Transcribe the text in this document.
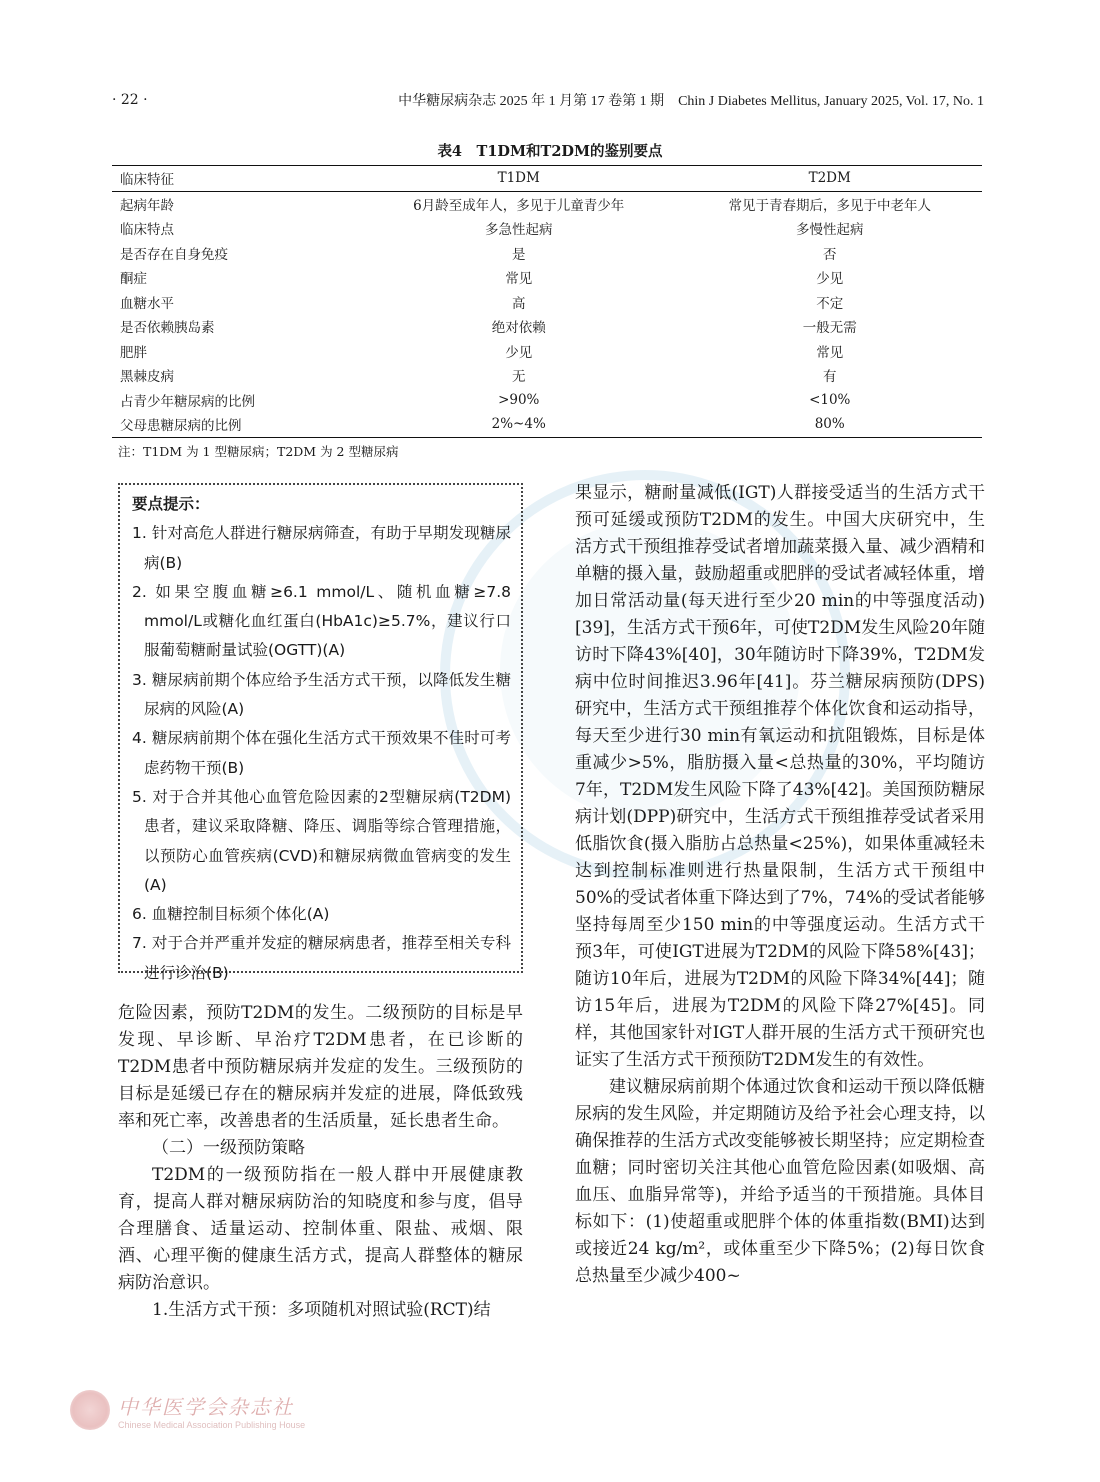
· 22 ·	中华糖尿病杂志 2025 年 1 月第 17 卷第 1 期　Chin J Diabetes Mellitus, January 2025, Vol. 17, No. 1
表4　T1DM和T2DM的鉴别要点
临床特征	T1DM	T2DM
起病年龄	6月龄至成年人，多见于儿童青少年	常见于青春期后，多见于中老年人
临床特点	多急性起病	多慢性起病
是否存在自身免疫	是	否
酮症	常见	少见
血糖水平	高	不定
是否依赖胰岛素	绝对依赖	一般无需
肥胖	少见	常见
黑棘皮病	无	有
占青少年糖尿病的比例	>90%	<10%
父母患糖尿病的比例	2%~4%	80%
注：T1DM 为 1 型糖尿病；T2DM 为 2 型糖尿病
要点提示：
1. 针对高危人群进行糖尿病筛查，有助于早期发现糖尿病(B)
2. 如果空腹血糖≥6.1 mmol/L、随机血糖≥7.8 mmol/L或糖化血红蛋白(HbA1c)≥5.7%，建议行口服葡萄糖耐量试验(OGTT)(A)
3. 糖尿病前期个体应给予生活方式干预，以降低发生糖尿病的风险(A)
4. 糖尿病前期个体在强化生活方式干预效果不佳时可考虑药物干预(B)
5. 对于合并其他心血管危险因素的2型糖尿病(T2DM)患者，建议采取降糖、降压、调脂等综合管理措施，以预防心血管疾病(CVD)和糖尿病微血管病变的发生(A)
6. 血糖控制目标须个体化(A)
7. 对于合并严重并发症的糖尿病患者，推荐至相关专科进行诊治(B)

危险因素，预防T2DM的发生。二级预防的目标是早发现、早诊断、早治疗T2DM患者，在已诊断的T2DM患者中预防糖尿病并发症的发生。三级预防的目标是延缓已存在的糖尿病并发症的进展，降低致残率和死亡率，改善患者的生活质量，延长患者生命。

（二）一级预防策略

T2DM的一级预防指在一般人群中开展健康教育，提高人群对糖尿病防治的知晓度和参与度，倡导合理膳食、适量运动、控制体重、限盐、戒烟、限酒、心理平衡的健康生活方式，提高人群整体的糖尿病防治意识。

1.生活方式干预：多项随机对照试验(RCT)结

果显示，糖耐量减低(IGT)人群接受适当的生活方式干预可延缓或预防T2DM的发生。中国大庆研究中，生活方式干预组推荐受试者增加蔬菜摄入量、减少酒精和单糖的摄入量，鼓励超重或肥胖的受试者减轻体重，增加日常活动量(每天进行至少20 min的中等强度活动)[39]，生活方式干预6年，可使T2DM发生风险20年随访时下降43%[40]，30年随访时下降39%，T2DM发病中位时间推迟3.96年[41]。芬兰糖尿病预防(DPS)研究中，生活方式干预组推荐个体化饮食和运动指导，每天至少进行30 min有氧运动和抗阻锻炼，目标是体重减少>5%，脂肪摄入量<总热量的30%，平均随访7年，T2DM发生风险下降了43%[42]。美国预防糖尿病计划(DPP)研究中，生活方式干预组推荐受试者采用低脂饮食(摄入脂肪占总热量<25%)，如果体重减轻未达到控制标准则进行热量限制，生活方式干预组中50%的受试者体重下降达到了7%，74%的受试者能够坚持每周至少150 min的中等强度运动。生活方式干预3年，可使IGT进展为T2DM的风险下降58%[43]；随访10年后，进展为T2DM的风险下降34%[44]；随访15年后，进展为T2DM的风险下降27%[45]。同样，其他国家针对IGT人群开展的生活方式干预研究也证实了生活方式干预预防T2DM发生的有效性。

建议糖尿病前期个体通过饮食和运动干预以降低糖尿病的发生风险，并定期随访及给予社会心理支持，以确保推荐的生活方式改变能够被长期坚持；应定期检查血糖；同时密切关注其他心血管危险因素(如吸烟、高血压、血脂异常等)，并给予适当的干预措施。具体目标如下：(1)使超重或肥胖个体的体重指数(BMI)达到或接近24 kg/m²，或体重至少下降5%；(2)每日饮食总热量至少减少400~

中华医学会杂志社
Chinese Medical Association Publishing House
